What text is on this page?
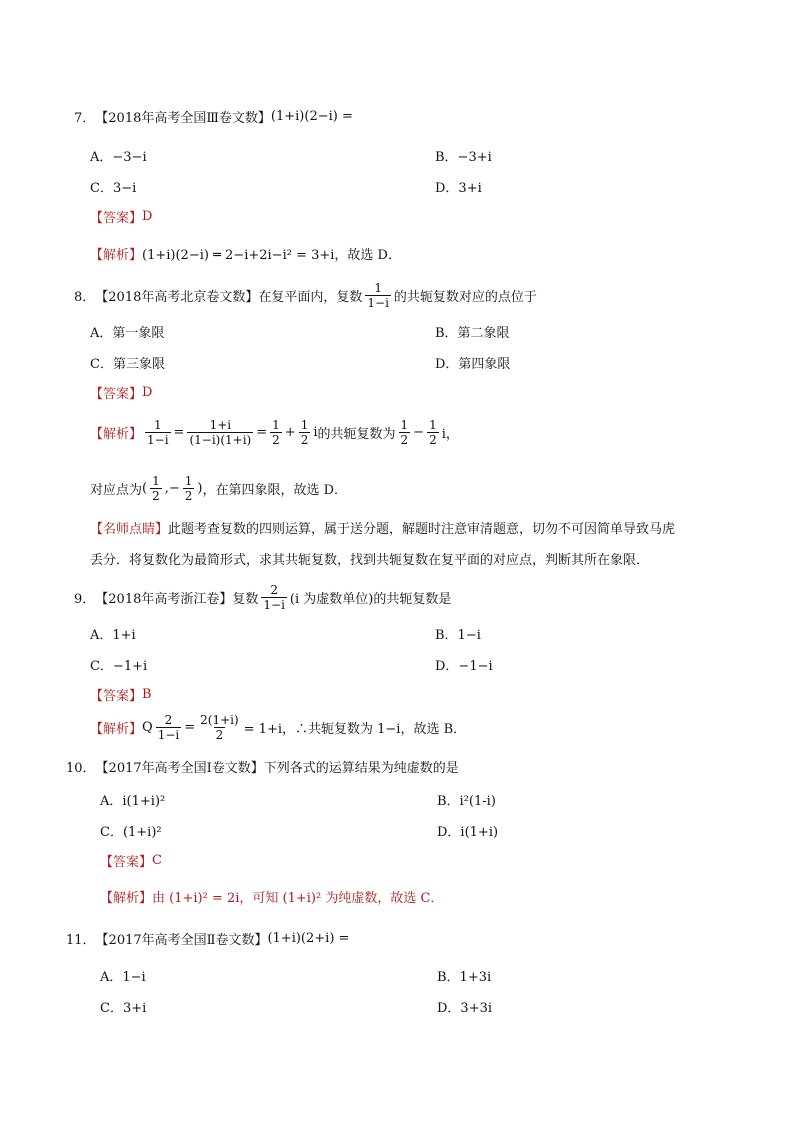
7． 【2018年高考全国Ⅲ卷文数】 (1+i)(2−i) =
A．−3−i	B．−3+i
C．3−i	D．3+i
【答案】 D
【解析】 (1+i)(2−i) ═ 2−i+2i−i² = 3+i，故选 D．
8． 【2018年高考北京卷文数】 在复平面内，复数 $\frac{1}{1-i}$ 的共轭复数对应的点位于
A．第一象限	B．第二象限
C．第三象限	D．第四象限
【答案】 D
【解析】 $\frac{1}{1-i} = \frac{1+i}{(1-i)(1+i)} = \frac{1}{2} + \frac{1}{2}$ i 的共轭复数为 $\frac{1}{2} - \frac{1}{2}$ i，
对应点为 ( $\frac{1}{2}$ ,− $\frac{1}{2}$ ) ，在第四象限，故选 D．
【名师点睛】此题考查复数的四则运算，属于送分题，解题时注意审清题意，切勿不可因简单导致马虎
丢分．将复数化为最简形式，求其共轭复数，找到共轭复数在复平面的对应点，判断其所在象限．
9． 【2018年高考浙江卷】 复数 $\frac{2}{1-i} (i$ 为虚数单位)的共轭复数是
A．1+i	B．1−i
C．−1+i	D．−1−i
【答案】 B
【解析】 Q $\frac{2}{1-i} = \frac{2(1+i)}{2} = 1+i$，∴共轭复数为 1−i，故选 B．
10． 【2017年高考全国Ⅰ卷文数】 下列各式的运算结果为纯虚数的是
A．i(1+i)²	B．i²(1-i)
C．(1+i)²	D．i(1+i)
【答案】 C
【解析】 由 (1+i)² = 2i，可知 (1+i)² 为纯虚数，故选 C．
11． 【2017年高考全国Ⅱ卷文数】 (1+i)(2+i) =
A．1−i	B．1+3i
C．3+i	D．3+3i
